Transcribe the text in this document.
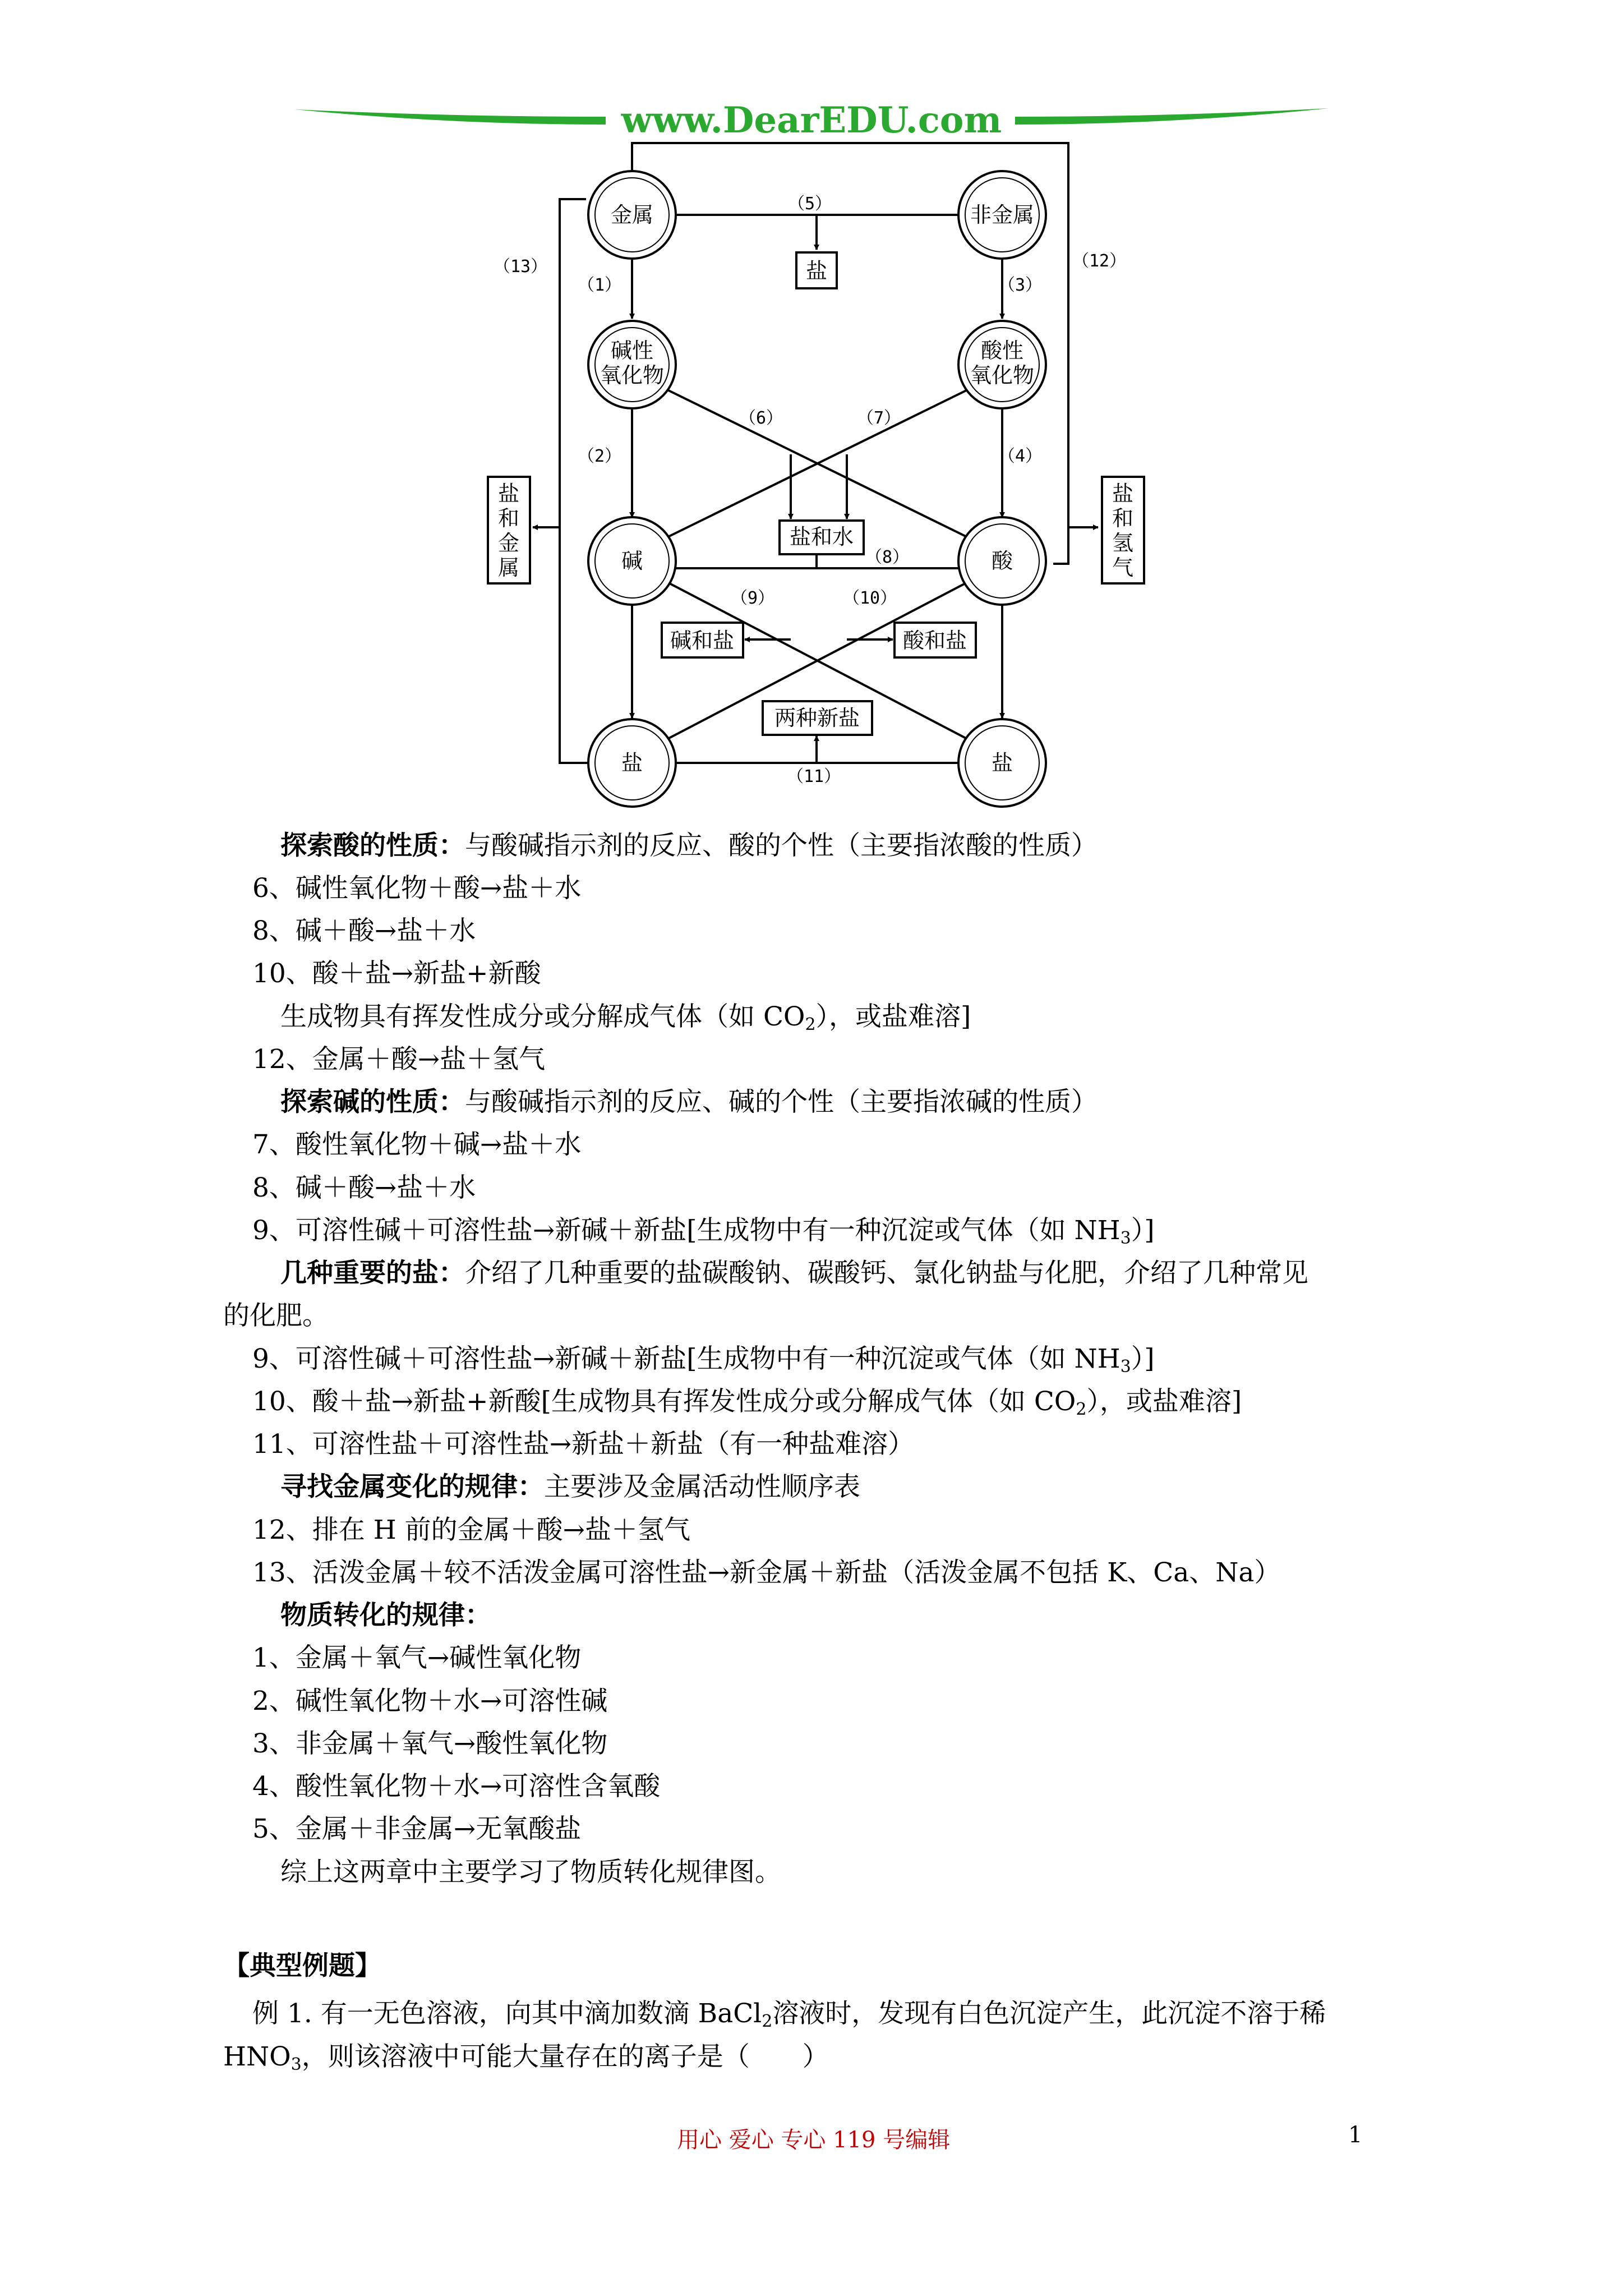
www.DearEDU.com
金属	非金属
盐
碱性
氧化物
酸性
氧化物
碱	酸
盐和水
盐	盐
碱和盐	酸和盐
两种新盐
盐
和
金
属
盐
和
氢
气
（1）
（2）
（3）
（4）
（5）
（6）	（7）
（8）
（9）	（10）
（11）
（12）
（13）
探索酸的性质：与酸碱指示剂的反应、酸的个性（主要指浓酸的性质）
6、碱性氧化物＋酸→盐＋水
8、碱＋酸→盐＋水
10、酸＋盐→新盐+新酸
生成物具有挥发性成分或分解成气体（如 $CO_2$），或盐难溶]
12、金属＋酸→盐＋氢气
探索碱的性质：与酸碱指示剂的反应、碱的个性（主要指浓碱的性质）
7、酸性氧化物＋碱→盐＋水
8、碱＋酸→盐＋水
9、可溶性碱＋可溶性盐→新碱＋新盐[生成物中有一种沉淀或气体（如 $NH_3$）]
几种重要的盐：介绍了几种重要的盐碳酸钠、碳酸钙、氯化钠盐与化肥，介绍了几种常见
的化肥。
9、可溶性碱＋可溶性盐→新碱＋新盐[生成物中有一种沉淀或气体（如 $NH_3$）]
10、酸＋盐→新盐+新酸[生成物具有挥发性成分或分解成气体（如 $CO_2$），或盐难溶]
11、可溶性盐＋可溶性盐→新盐＋新盐（有一种盐难溶）
寻找金属变化的规律：主要涉及金属活动性顺序表
12、排在 H 前的金属＋酸→盐＋氢气
13、活泼金属＋较不活泼金属可溶性盐→新金属＋新盐（活泼金属不包括 K、Ca、Na）
物质转化的规律：
1、金属＋氧气→碱性氧化物
2、碱性氧化物＋水→可溶性碱
3、非金属＋氧气→酸性氧化物
4、酸性氧化物＋水→可溶性含氧酸
5、金属＋非金属→无氧酸盐
综上这两章中主要学习了物质转化规律图。
【典型例题】
例 1. 有一无色溶液，向其中滴加数滴 BaCl$_2$溶液时，发现有白色沉淀产生，此沉淀不溶于稀
$HNO_3$，则该溶液中可能大量存在的离子是（　　）
用心 爱心 专心 119 号编辑	1
